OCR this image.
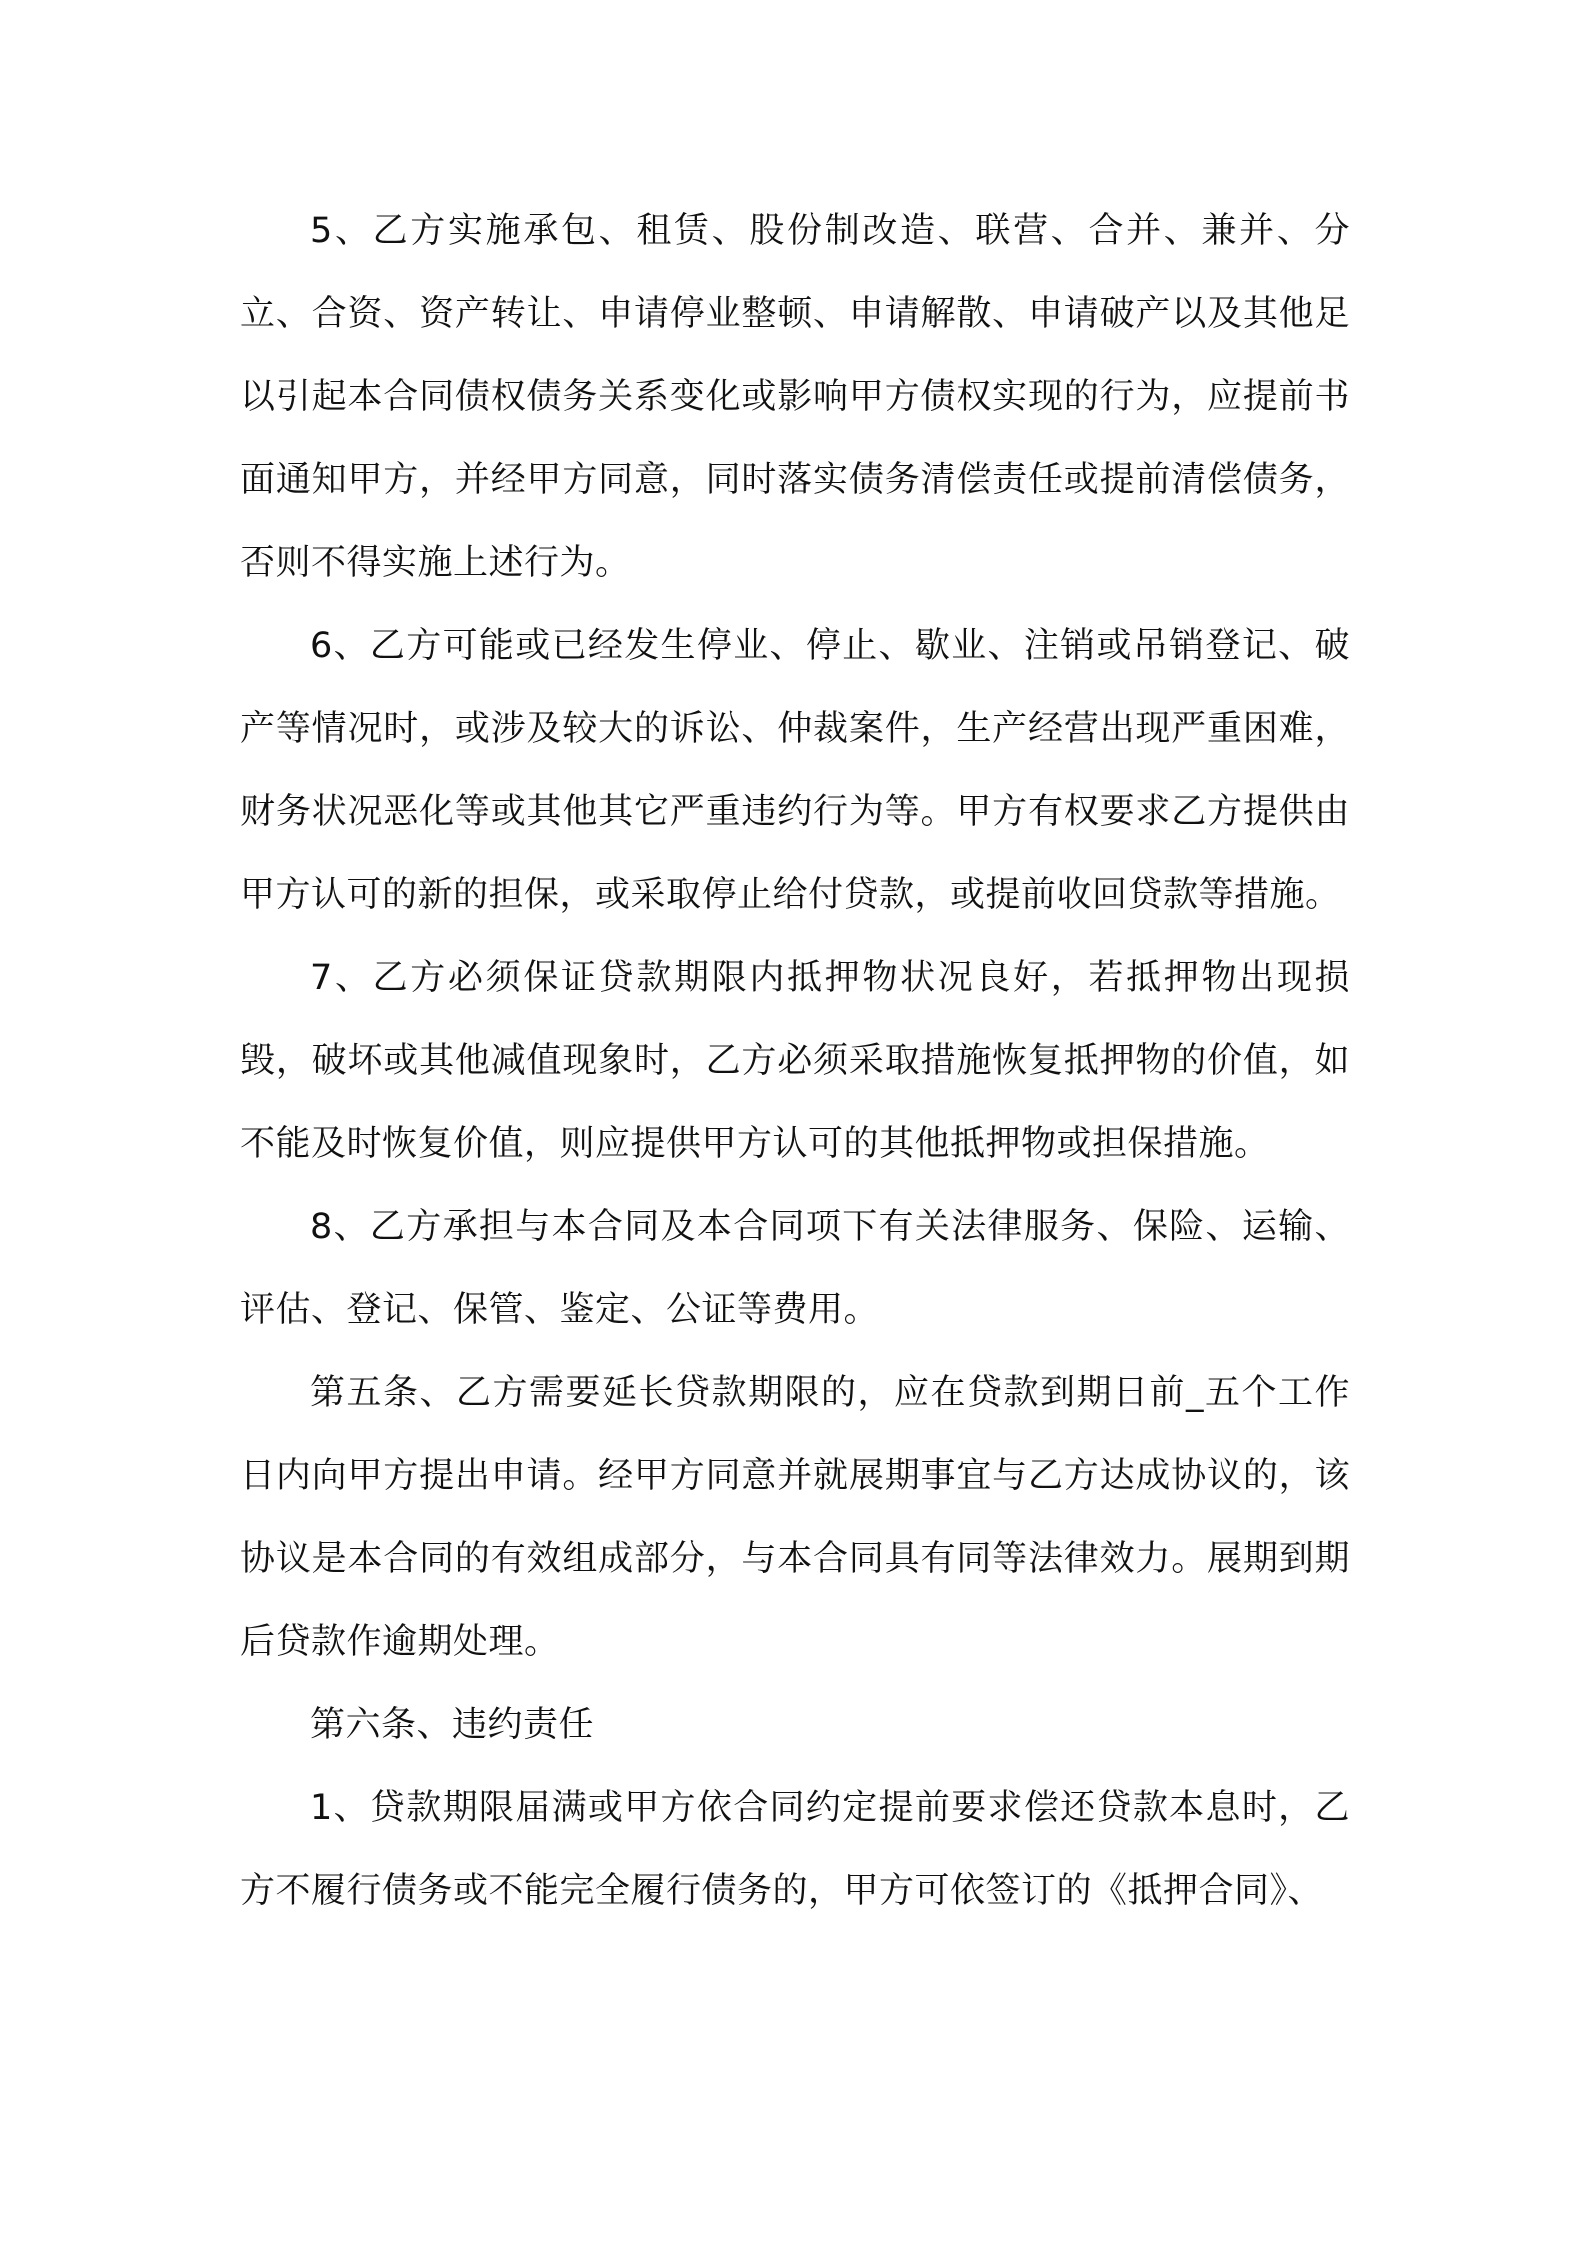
5、乙方实施承包、租赁、股份制改造、联营、合并、兼并、分立、合资、资产转让、申请停业整顿、申请解散、申请破产以及其他足以引起本合同债权债务关系变化或影响甲方债权实现的行为，应提前书面通知甲方，并经甲方同意，同时落实债务清偿责任或提前清偿债务，否则不得实施上述行为。

6、乙方可能或已经发生停业、停止、歇业、注销或吊销登记、破产等情况时，或涉及较大的诉讼、仲裁案件，生产经营出现严重困难，财务状况恶化等或其他其它严重违约行为等。甲方有权要求乙方提供由甲方认可的新的担保，或采取停止给付贷款，或提前收回贷款等措施。

7、乙方必须保证贷款期限内抵押物状况良好，若抵押物出现损毁，破坏或其他减值现象时，乙方必须采取措施恢复抵押物的价值，如不能及时恢复价值，则应提供甲方认可的其他抵押物或担保措施。

8、乙方承担与本合同及本合同项下有关法律服务、保险、运输、评估、登记、保管、鉴定、公证等费用。

第五条、乙方需要延长贷款期限的，应在贷款到期日前_五个工作日内向甲方提出申请。经甲方同意并就展期事宜与乙方达成协议的，该协议是本合同的有效组成部分，与本合同具有同等法律效力。展期到期后贷款作逾期处理。

第六条、违约责任

1、贷款期限届满或甲方依合同约定提前要求偿还贷款本息时，乙方不履行债务或不能完全履行债务的，甲方可依签订的《抵押合同》、
